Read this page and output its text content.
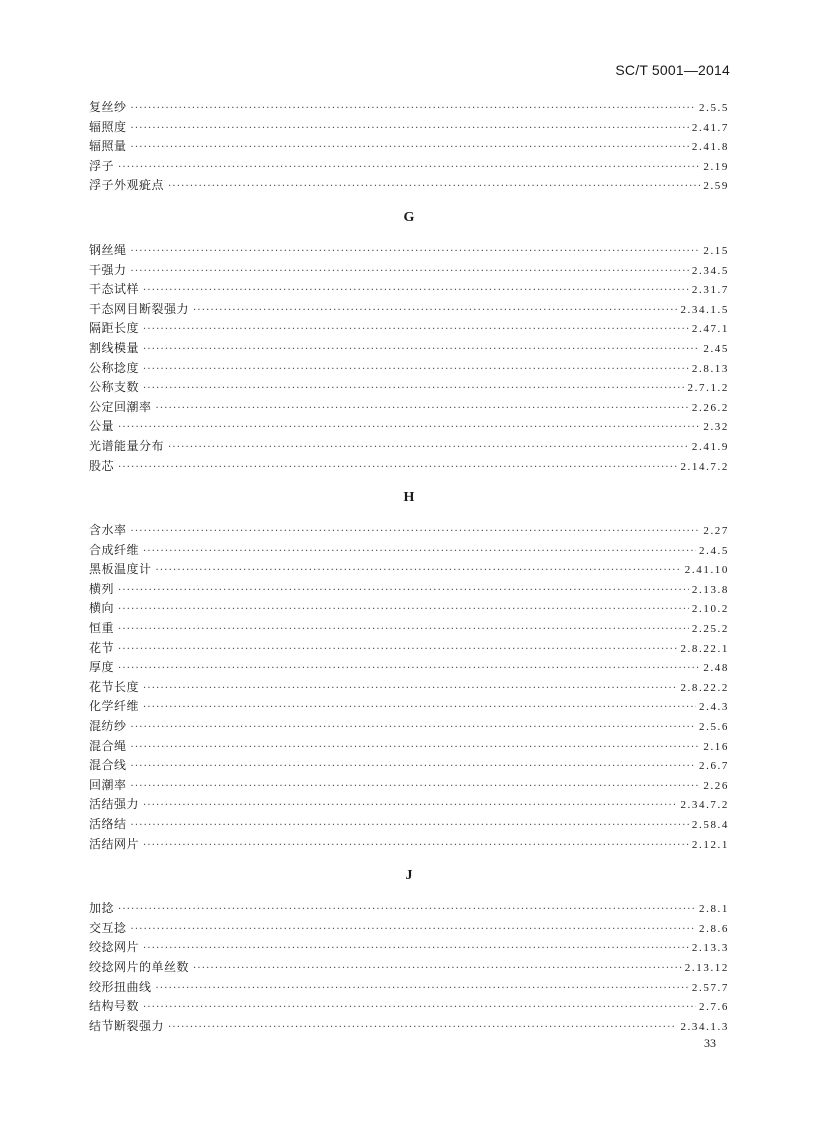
SC/T 5001—2014
复丝纱 ·····	2.5.5
辐照度 ·····	2.41.7
辐照量 ·····	2.41.8
浮子 ·····	2.19
浮子外观疵点 ·····	2.59
G
钢丝绳 ·····	2.15
干强力 ·····	2.34.5
干态试样 ·····	2.31.7
干态网目断裂强力 ·····	2.34.1.5
隔距长度 ·····	2.47.1
割线模量 ·····	2.45
公称捻度 ·····	2.8.13
公称支数 ·····	2.7.1.2
公定回潮率 ·····	2.26.2
公量 ·····	2.32
光谱能量分布 ·····	2.41.9
股芯 ·····	2.14.7.2
H
含水率 ·····	2.27
合成纤维 ·····	2.4.5
黑板温度计 ·····	2.41.10
横列 ·····	2.13.8
横向 ·····	2.10.2
恒重 ·····	2.25.2
花节 ·····	2.8.22.1
厚度 ·····	2.48
花节长度 ·····	2.8.22.2
化学纤维 ·····	2.4.3
混纺纱 ·····	2.5.6
混合绳 ·····	2.16
混合线 ·····	2.6.7
回潮率 ·····	2.26
活结强力 ·····	2.34.7.2
活络结 ·····	2.58.4
活结网片 ·····	2.12.1
J
加捻 ·····	2.8.1
交互捻 ·····	2.8.6
绞捻网片 ·····	2.13.3
绞捻网片的单丝数 ·····	2.13.12
绞形扭曲线 ·····	2.57.7
结构号数 ·····	2.7.6
结节断裂强力 ·····	2.34.1.3
33
